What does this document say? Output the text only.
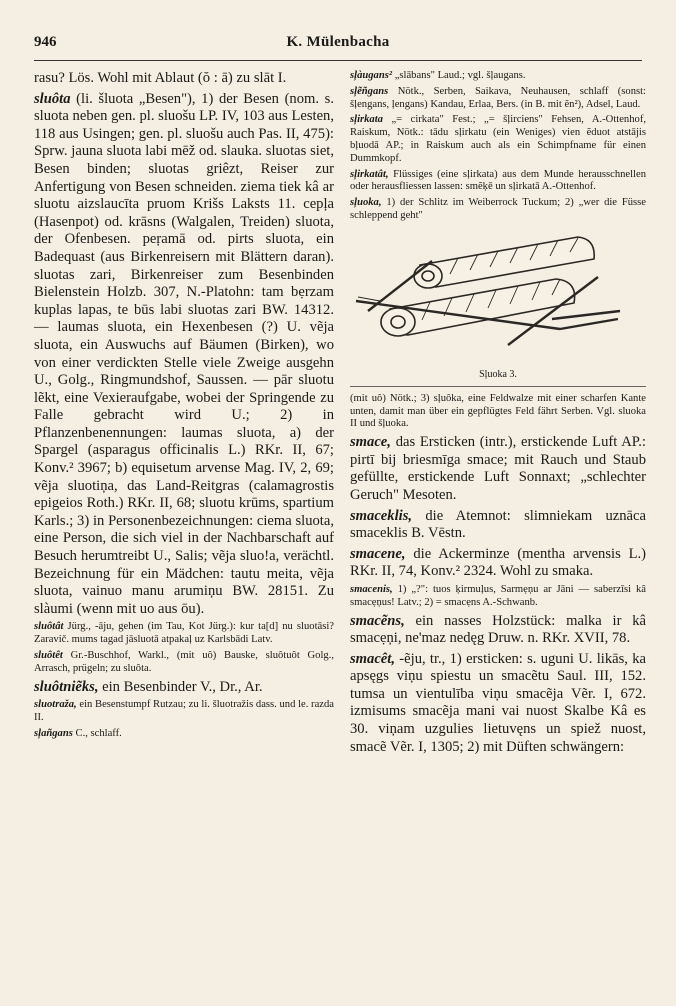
946	K. Mülenbacha

rasu? Lös. Wohl mit Ablaut (ŏ : ā) zu slāt I.

sluôta (li. šluota „Besen"), 1) der Besen (nom. s. sluota neben gen. pl. sluošu LP. IV, 103 aus Lesten, 118 aus Usingen; gen. pl. sluošu auch Pas. II, 475): Sprw. jauna sluota labi mēž od. slauka. sluotas siet, Besen binden; sluotas griêzt, Reiser zur Anfertigung von Besen schneiden. ziema tiek kâ ar sluotu aizslaucīta pruom Krišs Laksts 11. cepļa (Hasenpot) od. krāsns (Walgalen, Treiden) sluota, der Ofenbesen. peŗamā od. pirts sluota, ein Badequast (aus Birkenreisern mit Blättern daran). sluotas zari, Birkenreiser zum Besenbinden Bielenstein Holzb. 307, N.-Platohn: tam bẹrzam kuplas lapas, te būs labi sluotas zari BW. 14312. — laumas sluota, ein Hexenbesen (?) U. vẽja sluota, ein Auswuchs auf Bäumen (Birken), wo von einer verdickten Stelle viele Zweige ausgehn U., Golg., Ringmundshof, Saussen. — pār sluotu lẽkt, eine Vexieraufgabe, wobei der Springende zu Falle gebracht wird U.; 2) in Pflanzenbenennungen: laumas sluota, a) der Spargel (asparagus officinalis L.) RKr. II, 67; Konv.² 3967; b) equisetum arvense Mag. IV, 2, 69; vẽja sluotiņa, das Land-Reitgras (calamagrostis epigeios Roth.) RKr. II, 68; sluotu krūms, spartium Karls.; 3) in Personenbezeichnungen: ciema sluota, eine Person, die sich viel in der Nachbarschaft auf Besuch herumtreibt U., Salis; vẽja sluo!a, verächtl. Bezeichnung für ein Mädchen: tautu meita, vẽja sluota, vainuo manu arumiņu BW. 28151. Zu slàumi (wenn mit uo aus ōu).

sluôtât Jürg., -āju, gehen (im Tau, Kot Jürg.): kur ta[d] nu sluotāsi? Zaravič. mums tagad jāsluotā atpakaļ uz Karlsbādi Latv.

sluôtêt Gr.-Buschhof, Warkl., (mit uô) Bauske, sluôtuôt Golg., Arrasch, prügeln; zu sluôta.

sluôtniẽks, ein Besenbinder V., Dr., Ar.

sluotraža, ein Besenstumpf Rutzau; zu li. šluotražis dass. und le. razda II.

sļañgans C., schlaff.

sļàugans² „slābans" Laud.; vgl. šļaugans.

sļẽñgans Nötk., Serben, Saikava, Neuhausen, schlaff (sonst: šļengans, ļengans) Kandau, Erlaa, Bers. (in B. mit ẽn²), Adsel, Laud.

sļirkata „= cirkata" Fest.; „= šļirciens" Fehsen, A.-Ottenhof, Raiskum, Nötk.: tādu sļirkatu (ein Weniges) vien ẽduot atstājis bļuodā AP.; in Raiskum auch als ein Schimpfname für einen Dummkopf.

sļirkatât, Flüssiges (eine sļirkata) aus dem Munde herausschnellen oder herausfliessen lassen: smẽķē un sļirkatā A.-Ottenhof.

sļuoka, 1) der Schlitz im Weiberrock Tuckum; 2) „wer die Füsse schleppend geht"

Sļuoka 3.

(mit uô) Nötk.; 3) sļuôka, eine Feldwalze mit einer scharfen Kante unten, damit man über ein gepflügtes Feld fährt Serben. Vgl. sluoka II und šļuoka.

smace, das Ersticken (intr.), erstickende Luft AP.: pirtī bij briesmīga smace; mit Rauch und Staub gefüllte, erstickende Luft Sonnaxt; „schlechter Geruch" Mesoten.

smaceklis, die Atemnot: slimniekam uznāca smaceklis B. Vēstn.

smacene, die Ackerminze (mentha arvensis L.) RKr. II, 74, Konv.² 2324. Wohl zu smaka.

smacenis, 1) „?": tuos ķirmuļus, Sarmẹņu ar Jāni — saberzīsi kâ smacẹņus! Latv.; 2) = smacẹns A.-Schwanb.

smacẽns, ein nasses Holzstück: malka ir kâ smacẹņi, ne'maz nedęg Druw. n. RKr. XVII, 78.

smacêt, -ẽju, tr., 1) ersticken: s. uguni U. likās, ka apsęgs viņu spiestu un smacẽtu Saul. III, 152. tumsa un vientulība viņu smacẽja Vẽr. I, 672. izmisums smacẽja mani vai nuost Skalbe Kâ es 30. viņam uzgulies lietuvęns un spiež nuost, smacẽ Vẽr. I, 1305; 2) mit Düften schwängern:
